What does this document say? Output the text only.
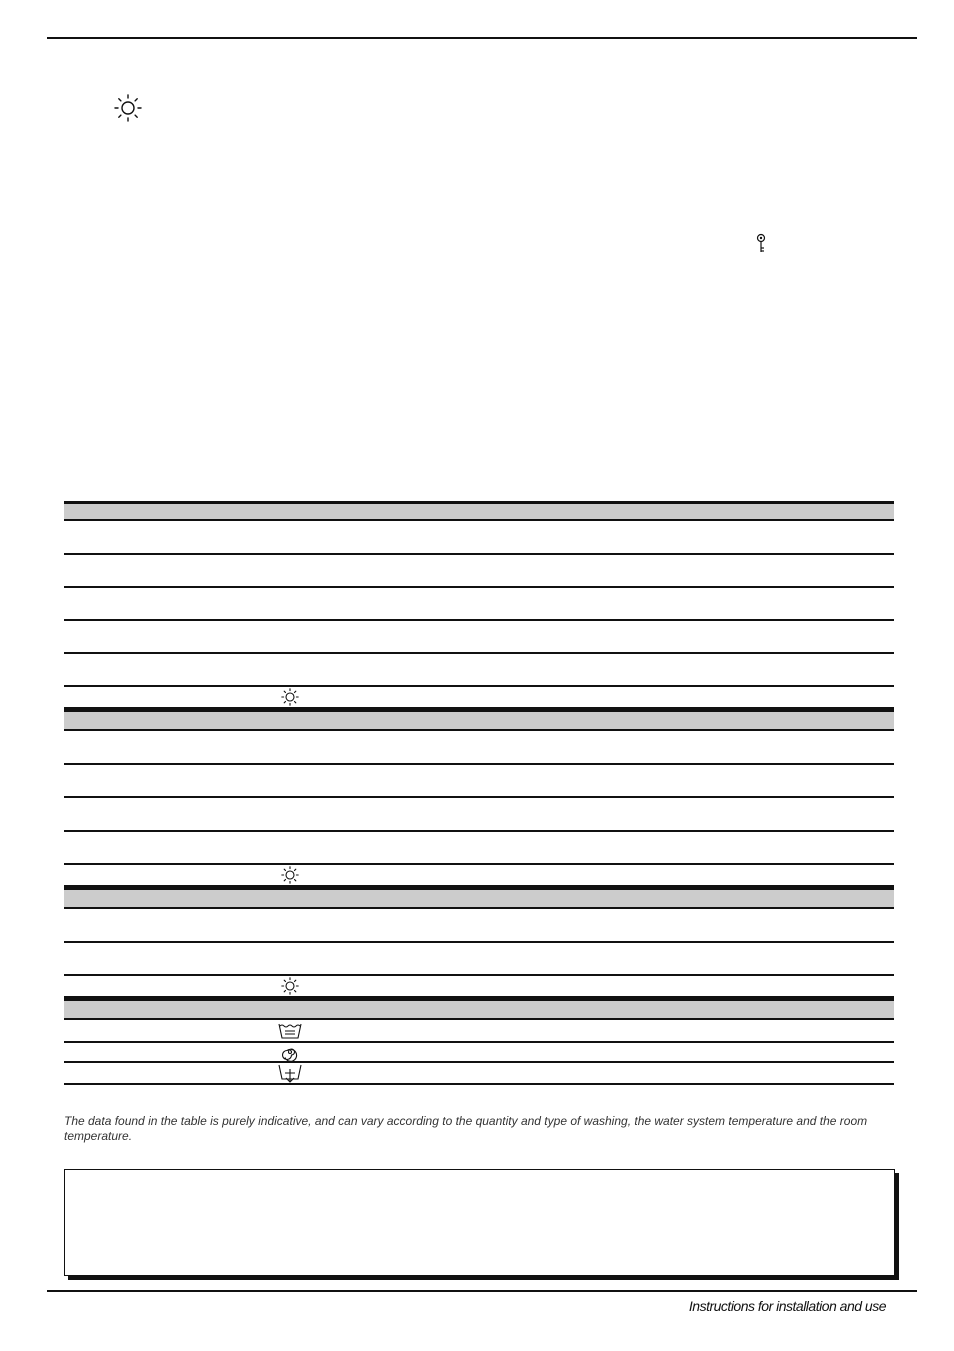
The data found in the table is purely indicative, and can vary according to the quantity and type of washing, the water system temperature and the room temperature.
Instructions for installation and use
